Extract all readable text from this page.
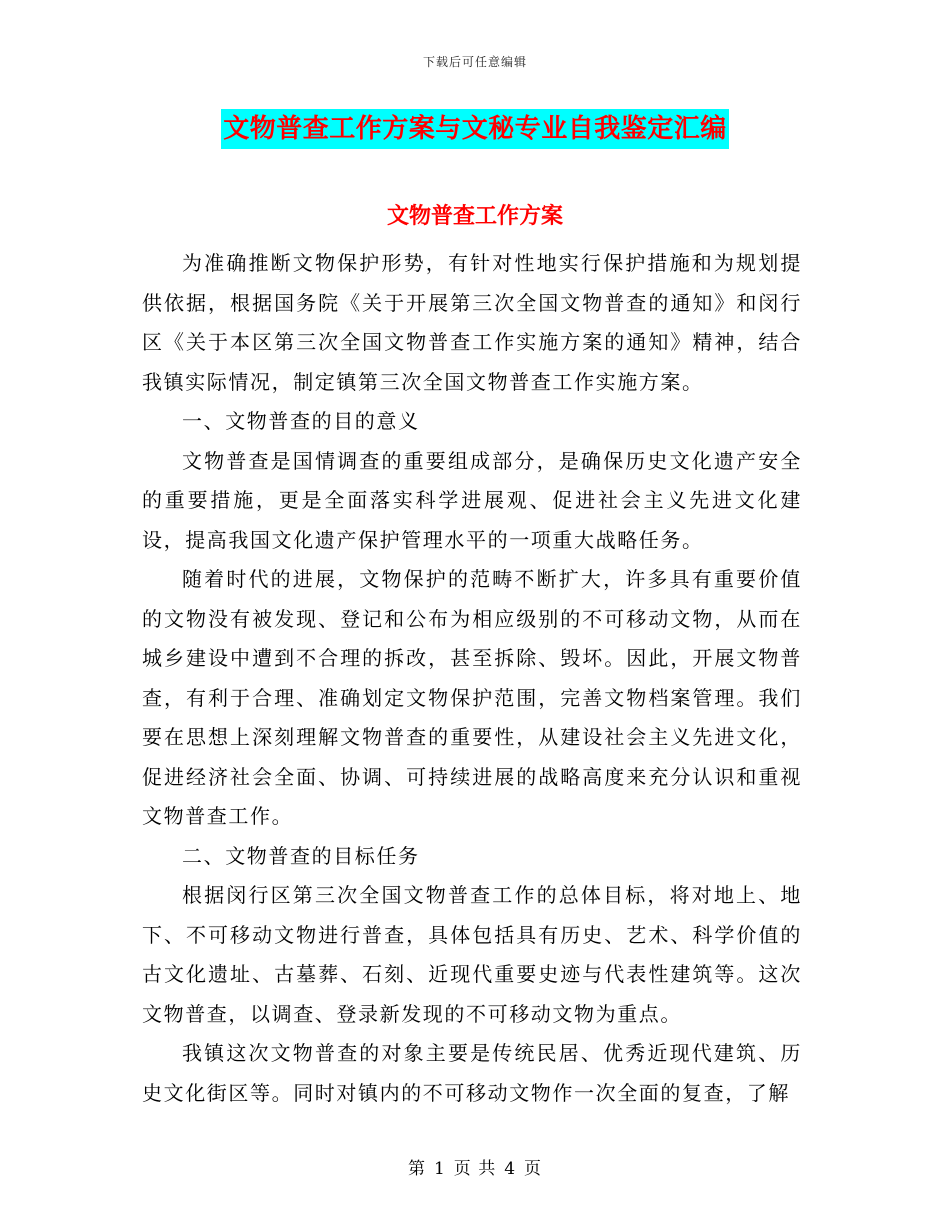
下载后可任意编辑
文物普查工作方案与文秘专业自我鉴定汇编
文物普查工作方案

为准确推断文物保护形势，有针对性地实行保护措施和为规划提供依据，根据国务院《关于开展第三次全国文物普查的通知》和闵行区《关于本区第三次全国文物普查工作实施方案的通知》精神，结合我镇实际情况，制定镇第三次全国文物普查工作实施方案。

一、文物普查的目的意义

文物普查是国情调查的重要组成部分，是确保历史文化遗产安全的重要措施，更是全面落实科学进展观、促进社会主义先进文化建设，提高我国文化遗产保护管理水平的一项重大战略任务。

随着时代的进展，文物保护的范畴不断扩大，许多具有重要价值的文物没有被发现、登记和公布为相应级别的不可移动文物，从而在城乡建设中遭到不合理的拆改，甚至拆除、毁坏。因此，开展文物普查，有利于合理、准确划定文物保护范围，完善文物档案管理。我们要在思想上深刻理解文物普查的重要性，从建设社会主义先进文化，促进经济社会全面、协调、可持续进展的战略高度来充分认识和重视文物普查工作。

二、文物普查的目标任务

根据闵行区第三次全国文物普查工作的总体目标，将对地上、地下、不可移动文物进行普查，具体包括具有历史、艺术、科学价值的古文化遗址、古墓葬、石刻、近现代重要史迹与代表性建筑等。这次文物普查，以调查、登录新发现的不可移动文物为重点。

我镇这次文物普查的对象主要是传统民居、优秀近现代建筑、历史文化街区等。同时对镇内的不可移动文物作一次全面的复查，了解

第 1 页 共 4 页
